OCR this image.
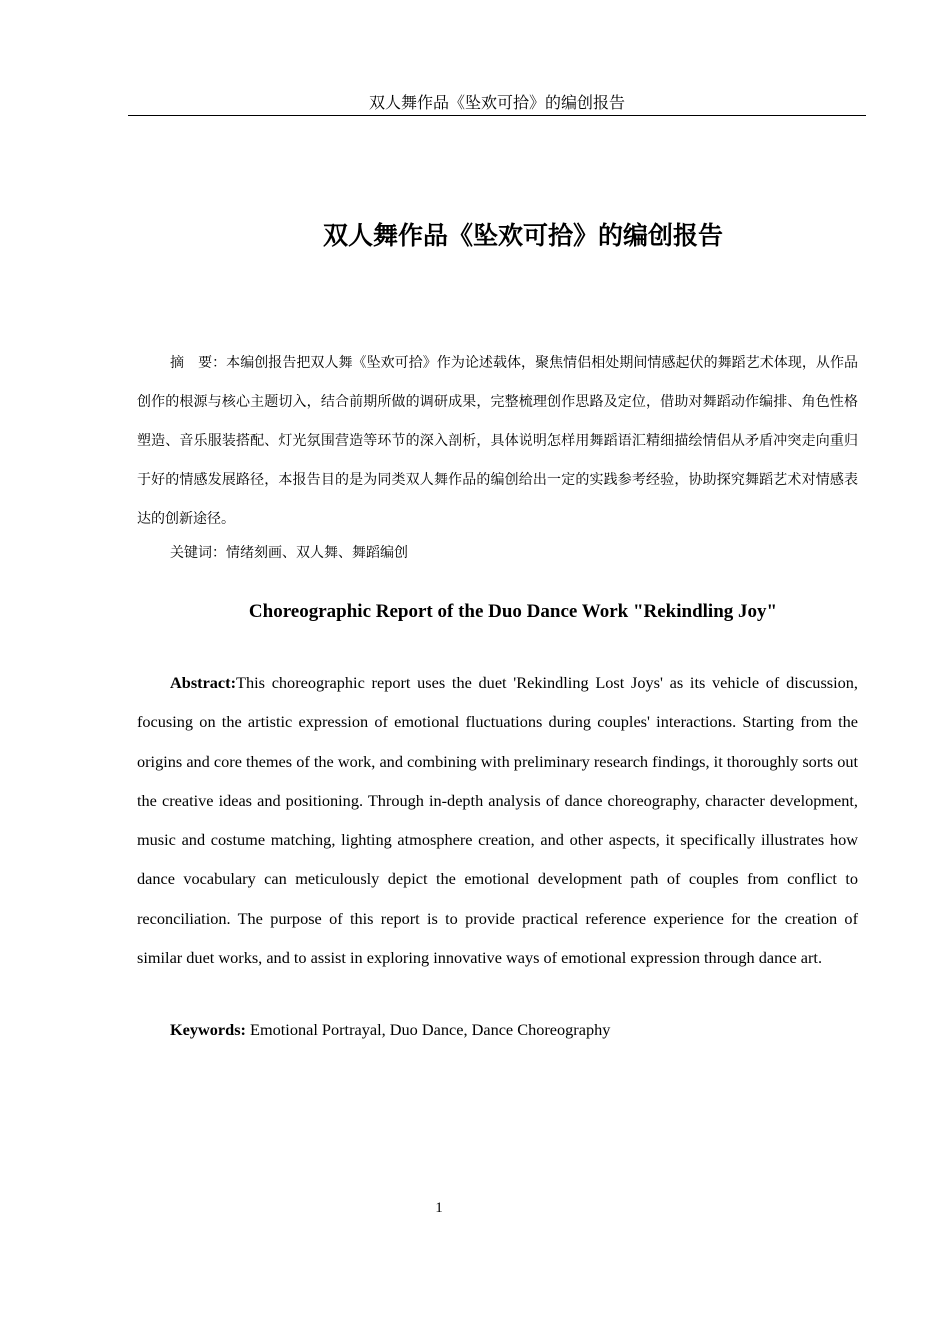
双人舞作品《坠欢可拾》的编创报告
双人舞作品《坠欢可拾》的编创报告

摘　要：本编创报告把双人舞《坠欢可拾》作为论述载体，聚焦情侣相处期间情感起伏的舞蹈艺术体现，从作品创作的根源与核心主题切入，结合前期所做的调研成果，完整梳理创作思路及定位，借助对舞蹈动作编排、角色性格塑造、音乐服装搭配、灯光氛围营造等环节的深入剖析，具体说明怎样用舞蹈语汇精细描绘情侣从矛盾冲突走向重归于好的情感发展路径，本报告目的是为同类双人舞作品的编创给出一定的实践参考经验，协助探究舞蹈艺术对情感表达的创新途径。

关键词：情绪刻画、双人舞、舞蹈编创

Choreographic Report of the Duo Dance Work "Rekindling Joy"

Abstract:This choreographic report uses the duet 'Rekindling Lost Joys' as its vehicle of discussion, focusing on the artistic expression of emotional fluctuations during couples' interactions. Starting from the origins and core themes of the work, and combining with preliminary research findings, it thoroughly sorts out the creative ideas and positioning. Through in-depth analysis of dance choreography, character development, music and costume matching, lighting atmosphere creation, and other aspects, it specifically illustrates how dance vocabulary can meticulously depict the emotional development path of couples from conflict to reconciliation. The purpose of this report is to provide practical reference experience for the creation of similar duet works, and to assist in exploring innovative ways of emotional expression through dance art.

Keywords: Emotional Portrayal, Duo Dance, Dance Choreography

1
